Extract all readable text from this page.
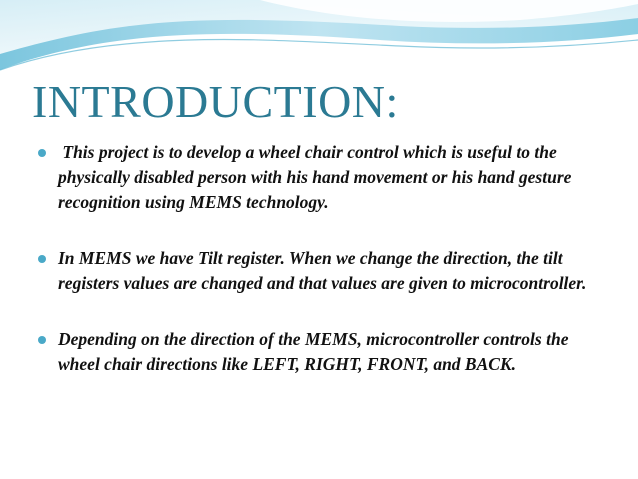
INTRODUCTION:
This project is to develop a wheel chair control which is useful to the physically disabled person with his hand movement or his hand gesture recognition using MEMS technology.
In MEMS we have Tilt register. When we change the direction, the tilt registers values are changed and that values are given to microcontroller.
Depending on the direction of the MEMS, microcontroller controls the wheel chair directions like LEFT, RIGHT, FRONT, and BACK.
